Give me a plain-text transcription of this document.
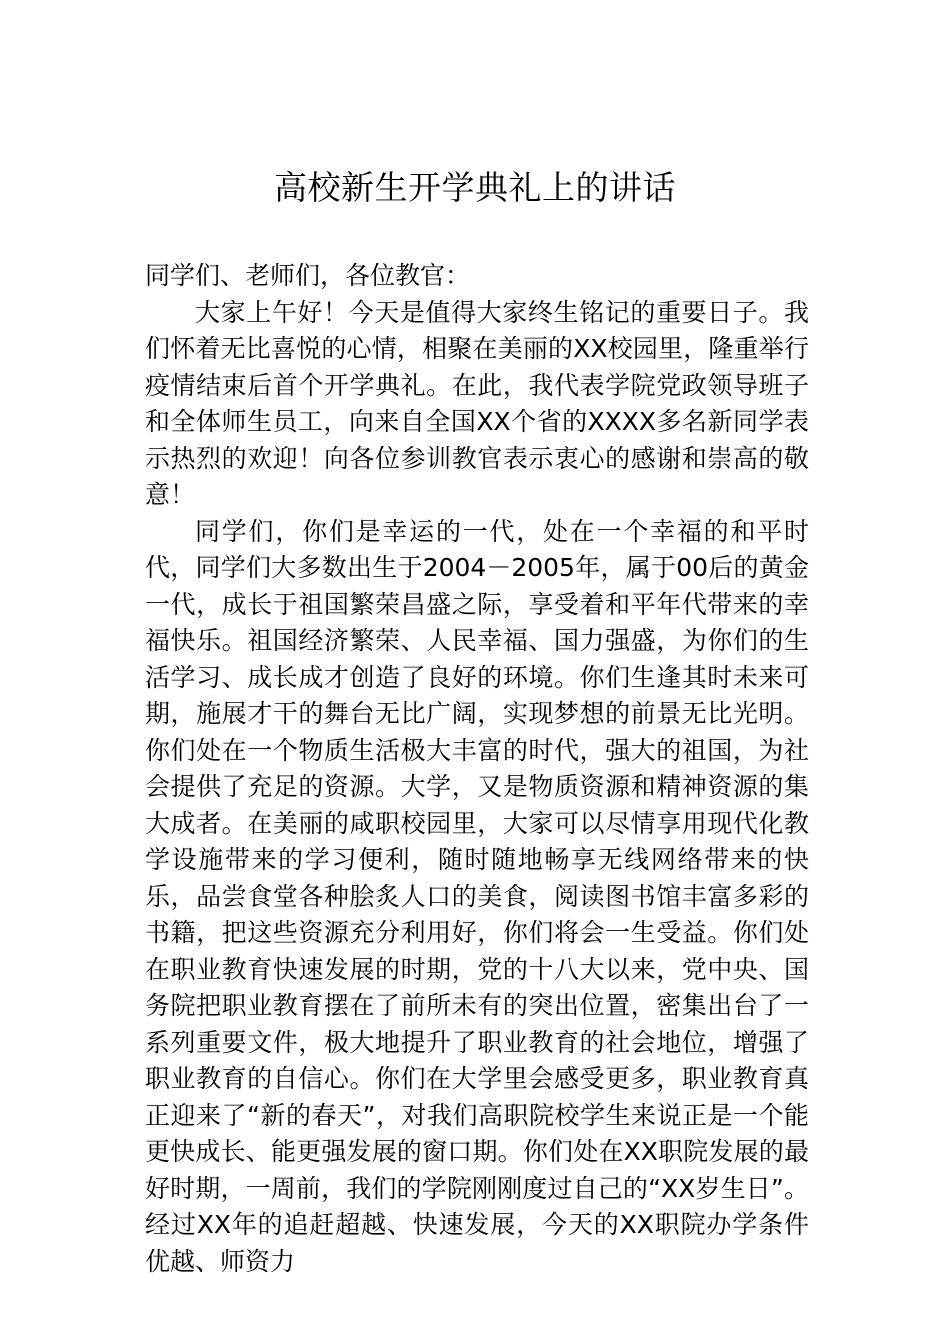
高校新生开学典礼上的讲话

同学们、老师们，各位教官：

大家上午好！今天是值得大家终生铭记的重要日子。我们怀着无比喜悦的心情，相聚在美丽的XX校园里，隆重举行疫情结束后首个开学典礼。在此，我代表学院党政领导班子和全体师生员工，向来自全国XX个省的XXXX多名新同学表示热烈的欢迎！向各位参训教官表示衷心的感谢和崇高的敬意！

同学们，你们是幸运的一代，处在一个幸福的和平时代，同学们大多数出生于2004－2005年，属于00后的黄金一代，成长于祖国繁荣昌盛之际，享受着和平年代带来的幸福快乐。祖国经济繁荣、人民幸福、国力强盛，为你们的生活学习、成长成才创造了良好的环境。你们生逢其时未来可期，施展才干的舞台无比广阔，实现梦想的前景无比光明。你们处在一个物质生活极大丰富的时代，强大的祖国，为社会提供了充足的资源。大学，又是物质资源和精神资源的集大成者。在美丽的咸职校园里，大家可以尽情享用现代化教学设施带来的学习便利，随时随地畅享无线网络带来的快乐，品尝食堂各种脍炙人口的美食，阅读图书馆丰富多彩的书籍，把这些资源充分利用好，你们将会一生受益。你们处在职业教育快速发展的时期，党的十八大以来，党中央、国务院把职业教育摆在了前所未有的突出位置，密集出台了一系列重要文件，极大地提升了职业教育的社会地位，增强了职业教育的自信心。你们在大学里会感受更多，职业教育真正迎来了“新的春天”，对我们高职院校学生来说正是一个能更快成长、能更强发展的窗口期。你们处在XX职院发展的最好时期，一周前，我们的学院刚刚度过自己的“XX岁生日”。经过XX年的追赶超越、快速发展，今天的XX职院办学条件优越、师资力
